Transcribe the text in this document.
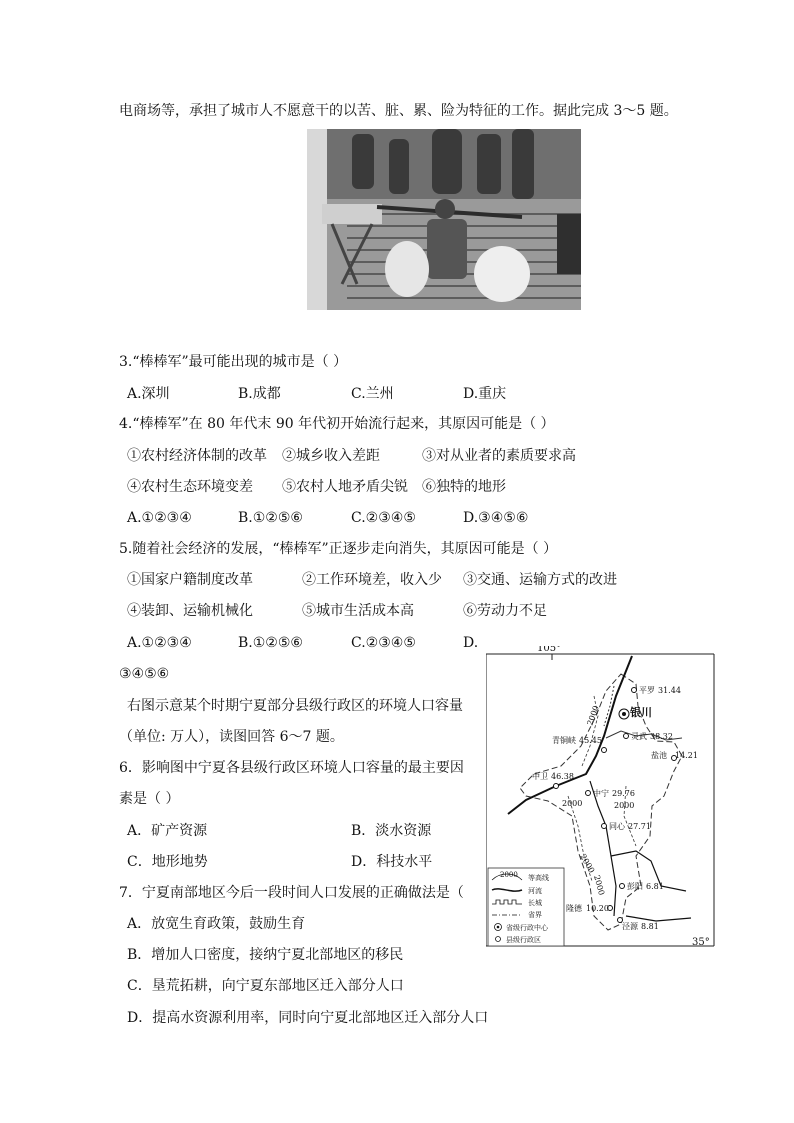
电商场等，承担了城市人不愿意干的以苦、脏、累、险为特征的工作。据此完成 3～5 题。
3.“棒棒军”最可能出现的城市是（ ）
A.深圳	B.成都	C.兰州	D.重庆
4.“棒棒军”在 80 年代末 90 年代初开始流行起来，其原因可能是（ ）
①农村经济体制的改革 ②城乡收入差距	③对从业者的素质要求高
④农村生态环境变差 ⑤农村人地矛盾尖锐 ⑥独特的地形
A.①②③④	B.①②⑤⑥	C.②③④⑤	D.③④⑤⑥
5.随着社会经济的发展，“棒棒军”正逐步走向消失，其原因可能是（ ）
①国家户籍制度改革	②工作环境差，收入少 ③交通、运输方式的改进
④装卸、运输机械化	⑤城市生活成本高	⑥劳动力不足
A.①②③④	B.①②⑤⑥	C.②③④⑤	D.
③④⑤⑥
右图示意某个时期宁夏部分县级行政区的环境人口容量
（单位: 万人），读图回答 6～7 题。
6．影响图中宁夏各县级行政区环境人口容量的最主要因
素是（ ）
A．矿产资源	B．淡水资源
C．地形地势	D．科技水平
7．宁夏南部地区今后一段时间人口发展的正确做法是（
A．放宽生育政策，鼓励生育
B．增加人口密度，接纳宁夏北部地区的移民
C．垦荒拓耕，向宁夏东部地区迁入部分人口
D．提高水资源利用率，同时向宁夏北部地区迁入部分人口
105°
35°
2000
2000	2000
2000
2000
银川
平罗 31.44
灵武 38.32
青铜峡 45.45
盐池 14.21
中卫 46.38
中宁 29.76
同心 27.71
彭阳 6.81
隆德 10.20
泾源 8.81
2000 等高线
河流
长城
省界
省级行政中心
县级行政区
